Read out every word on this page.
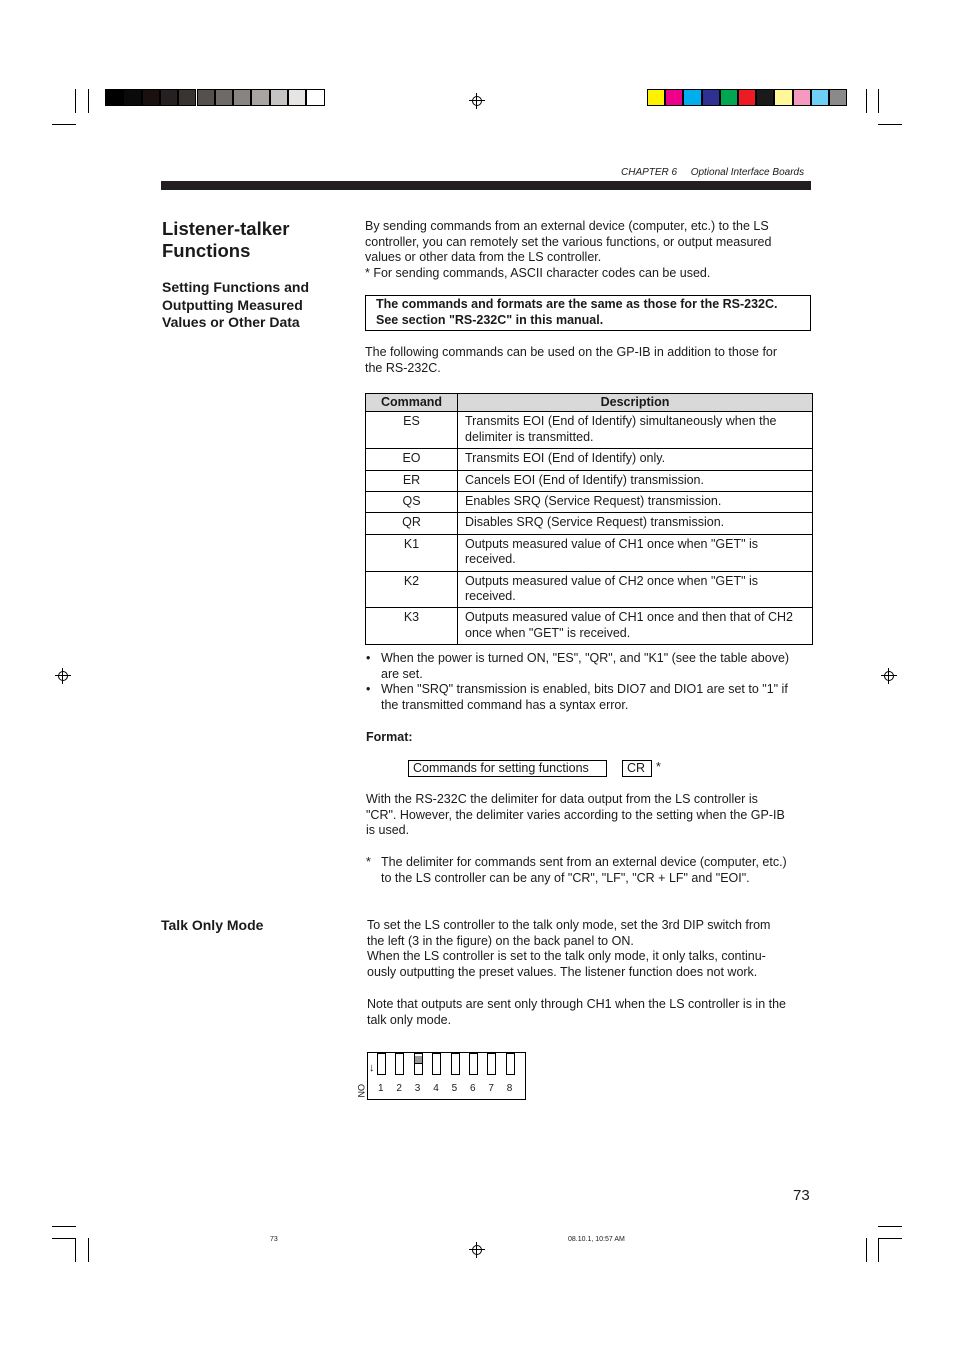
CHAPTER 6 Optional Interface Boards
Listener-talker
Functions
Setting Functions and
Outputting Measured
Values or Other Data
Talk Only Mode
By sending commands from an external device (computer, etc.) to the LS
controller, you can remotely set the various functions, or output measured
values or other data from the LS controller.
* For sending commands, ASCII character codes can be used.
The commands and formats are the same as those for the RS-232C.
See section "RS-232C" in this manual.
The following commands can be used on the GP-IB in addition to those for
the RS-232C.
Command	Description
ES	Transmits EOI (End of Identify) simultaneously when the
delimiter is transmitted.

EO	Transmits EOI (End of Identify) only.

ER	Cancels EOI (End of Identify) transmission.

QS	Enables SRQ (Service Request) transmission.

QR	Disables SRQ (Service Request) transmission.

K1	Outputs measured value of CH1 once when "GET" is
received.

K2	Outputs measured value of CH2 once when "GET" is
received.

K3	Outputs measured value of CH1 once and then that of CH2
once when "GET" is received.
• When the power is turned ON, "ES", "QR", and "K1" (see the table above)
are set.
• When "SRQ" transmission is enabled, bits DIO7 and DIO1 are set to "1" if
the transmitted command has a syntax error.
Format:
Commands for setting functions	CR *
With the RS-232C the delimiter for data output from the LS controller is
"CR". However, the delimiter varies according to the setting when the GP-IB
is used.
* The delimiter for commands sent from an external device (computer, etc.)
to the LS controller can be any of "CR", "LF", "CR + LF" and "EOI".
To set the LS controller to the talk only mode, set the 3rd DIP switch from
the left (3 in the figure) on the back panel to ON.
When the LS controller is set to the talk only mode, it only talks, continu-
ously outputting the preset values. The listener function does not work.
Note that outputs are sent only through CH1 when the LS controller is in the
talk only mode.
↓
ON 1 2 3 4 5 6 7 8
73
73	08.10.1, 10:57 AM
